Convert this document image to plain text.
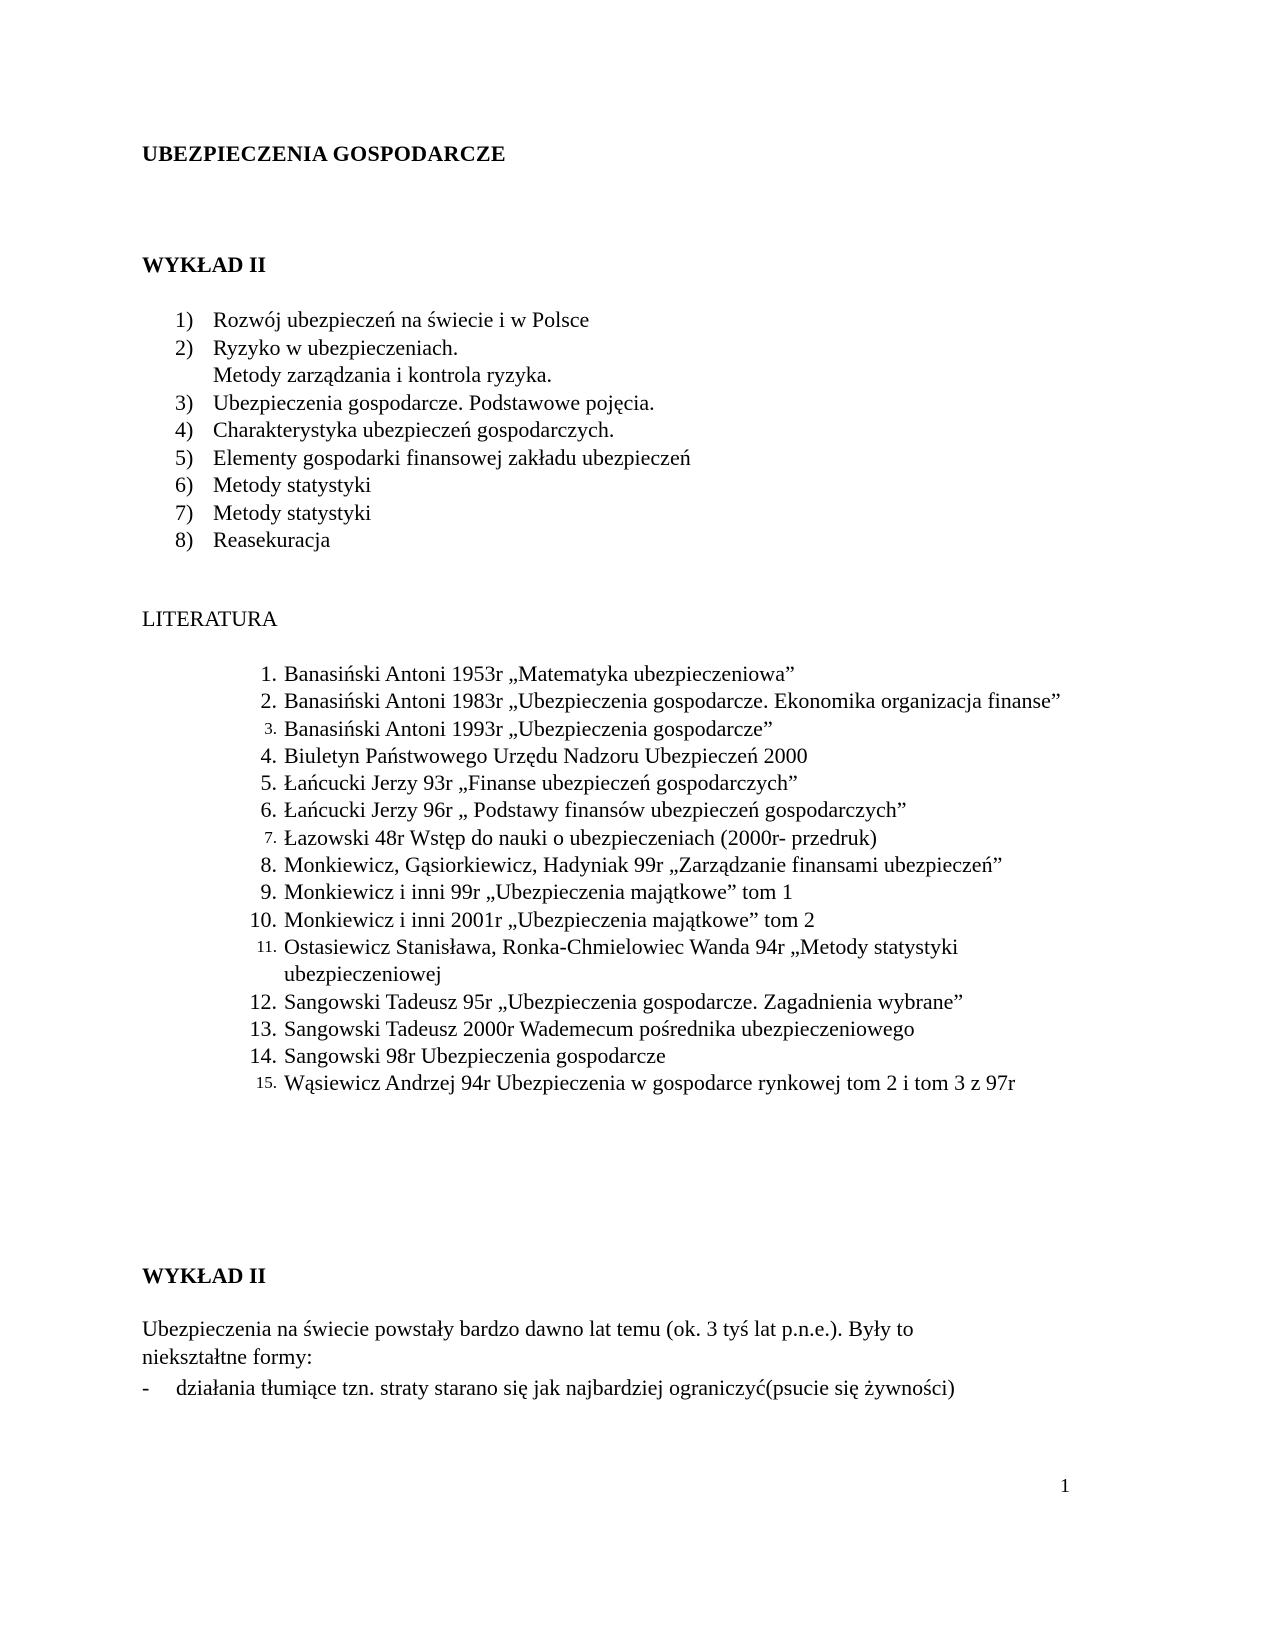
UBEZPIECZENIA GOSPODARCZE
WYKŁAD II
1) Rozwój ubezpieczeń na świecie i w Polsce
2) Ryzyko w ubezpieczeniach.
Metody zarządzania i kontrola ryzyka.
3) Ubezpieczenia gospodarcze. Podstawowe pojęcia.
4) Charakterystyka ubezpieczeń gospodarczych.
5) Elementy gospodarki finansowej zakładu ubezpieczeń
6) Metody statystyki
7) Metody statystyki
8) Reasekuracja
LITERATURA
1. Banasiński Antoni 1953r „Matematyka ubezpieczeniowa”
2. Banasiński Antoni 1983r „Ubezpieczenia gospodarcze. Ekonomika organizacja finanse”
3. Banasiński Antoni 1993r „Ubezpieczenia gospodarcze”
4. Biuletyn Państwowego Urzędu Nadzoru Ubezpieczeń 2000
5. Łańcucki Jerzy 93r „Finanse ubezpieczeń gospodarczych”
6. Łańcucki Jerzy 96r „ Podstawy finansów ubezpieczeń gospodarczych”
7. Łazowski 48r Wstęp do nauki o ubezpieczeniach (2000r- przedruk)
8. Monkiewicz, Gąsiorkiewicz, Hadyniak 99r „Zarządzanie finansami ubezpieczeń”
9. Monkiewicz i inni 99r „Ubezpieczenia majątkowe” tom 1
10. Monkiewicz i inni 2001r „Ubezpieczenia majątkowe” tom 2
11. Ostasiewicz Stanisława, Ronka-Chmielowiec Wanda 94r „Metody statystyki ubezpieczeniowej
12. Sangowski Tadeusz 95r „Ubezpieczenia gospodarcze. Zagadnienia wybrane”
13. Sangowski Tadeusz 2000r Wademecum pośrednika ubezpieczeniowego
14. Sangowski 98r Ubezpieczenia gospodarcze
15. Wąsiewicz Andrzej 94r Ubezpieczenia w gospodarce rynkowej tom 2 i tom 3 z 97r
WYKŁAD II
Ubezpieczenia na świecie powstały bardzo dawno lat temu (ok. 3 tyś lat p.n.e.). Były to niekształtne formy:
- działania tłumiące tzn. straty starano się jak najbardziej ograniczyć(psucie się żywności)
1
